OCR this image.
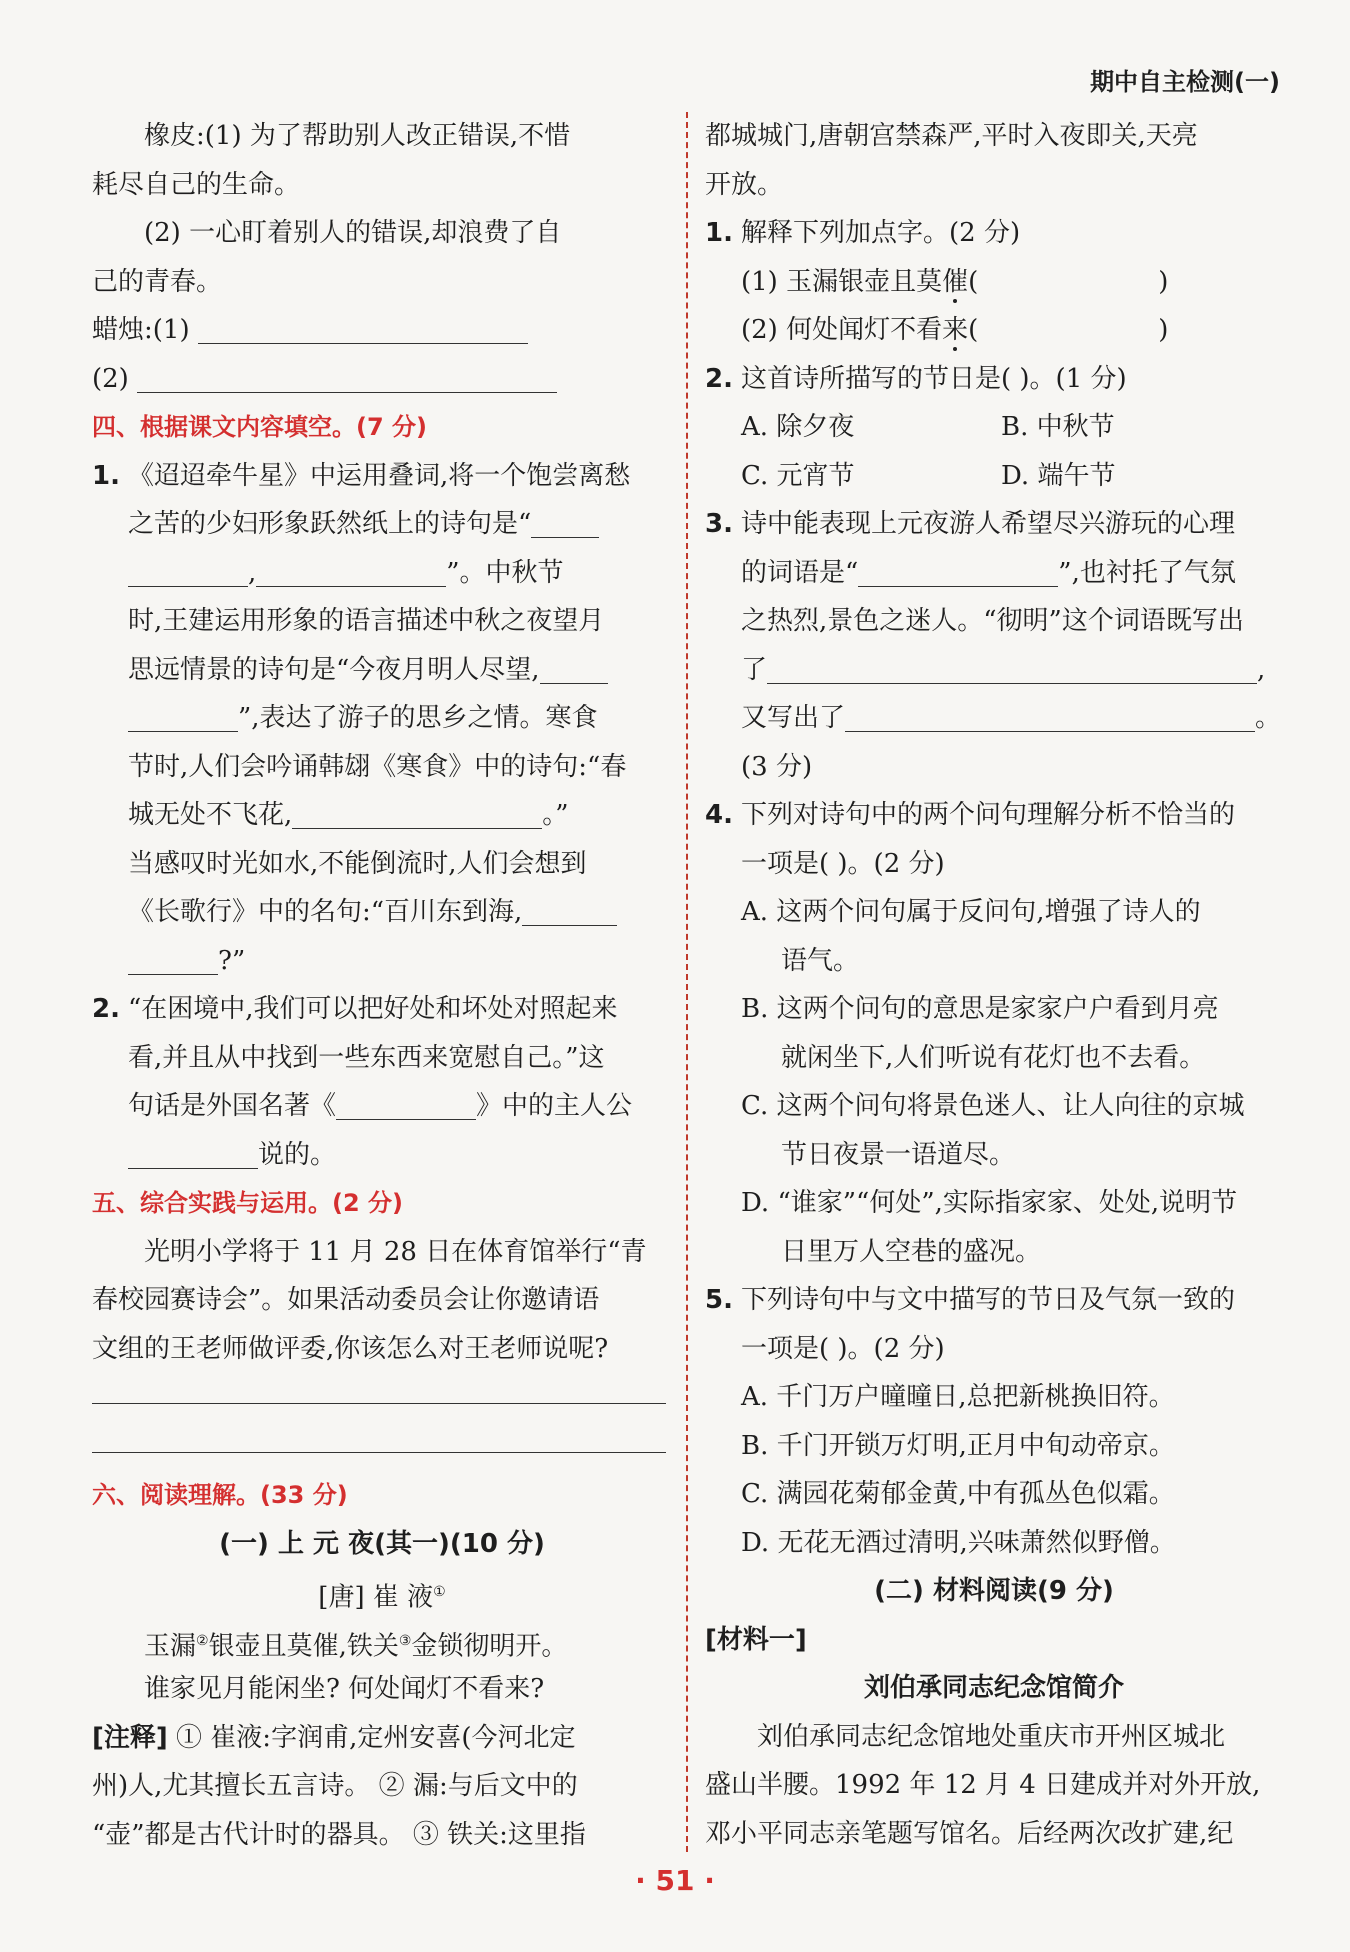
期中自主检测(一)
橡皮:(1) 为了帮助别人改正错误,不惜
耗尽自己的生命。
(2) 一心盯着别人的错误,却浪费了自
己的青春。
蜡烛:(1)
(2)
四、根据课文内容填空。(7 分)
1. 《迢迢牵牛星》中运用叠词,将一个饱尝离愁
之苦的少妇形象跃然纸上的诗句是“
,	”。中秋节
时,王建运用形象的语言描述中秋之夜望月
思远情景的诗句是“今夜月明人尽望,
”,表达了游子的思乡之情。寒食
节时,人们会吟诵韩翃《寒食》中的诗句:“春
城无处不飞花,	。”
当感叹时光如水,不能倒流时,人们会想到
《长歌行》中的名句:“百川东到海,
?”
2. “在困境中,我们可以把好处和坏处对照起来
看,并且从中找到一些东西来宽慰自己。”这
句话是外国名著《	》中的主人公
说的。
五、综合实践与运用。(2 分)
光明小学将于 11 月 28 日在体育馆举行“青
春校园赛诗会”。如果活动委员会让你邀请语
文组的王老师做评委,你该怎么对王老师说呢?
六、阅读理解。(33 分)
(一) 上 元 夜(其一)(10 分)
[唐] 崔 液①
玉漏②银壶且莫催,铁关③金锁彻明开。
谁家见月能闲坐? 何处闻灯不看来?
[注释] ① 崔液:字润甫,定州安喜(今河北定
州)人,尤其擅长五言诗。 ② 漏:与后文中的
“壶”都是古代计时的器具。 ③ 铁关:这里指
都城城门,唐朝宫禁森严,平时入夜即关,天亮
开放。
1. 解释下列加点字。(2 分)
(1) 玉漏银壶且莫催(	)
(2) 何处闻灯不看来(	)
2. 这首诗所描写的节日是( )。(1 分)
A. 除夕夜	B. 中秋节
C. 元宵节	D. 端午节
3. 诗中能表现上元夜游人希望尽兴游玩的心理
的词语是“	”,也衬托了气氛
之热烈,景色之迷人。“彻明”这个词语既写出
了	,
又写出了	。
(3 分)
4. 下列对诗句中的两个问句理解分析不恰当的
一项是( )。(2 分)
A. 这两个问句属于反问句,增强了诗人的
语气。
B. 这两个问句的意思是家家户户看到月亮
就闲坐下,人们听说有花灯也不去看。
C. 这两个问句将景色迷人、让人向往的京城
节日夜景一语道尽。
D. “谁家”“何处”,实际指家家、处处,说明节
日里万人空巷的盛况。
5. 下列诗句中与文中描写的节日及气氛一致的
一项是( )。(2 分)
A. 千门万户曈曈日,总把新桃换旧符。
B. 千门开锁万灯明,正月中旬动帝京。
C. 满园花菊郁金黄,中有孤丛色似霜。
D. 无花无酒过清明,兴味萧然似野僧。
(二) 材料阅读(9 分)
[材料一]
刘伯承同志纪念馆简介
刘伯承同志纪念馆地处重庆市开州区城北
盛山半腰。1992 年 12 月 4 日建成并对外开放,
邓小平同志亲笔题写馆名。后经两次改扩建,纪
· 51 ·
